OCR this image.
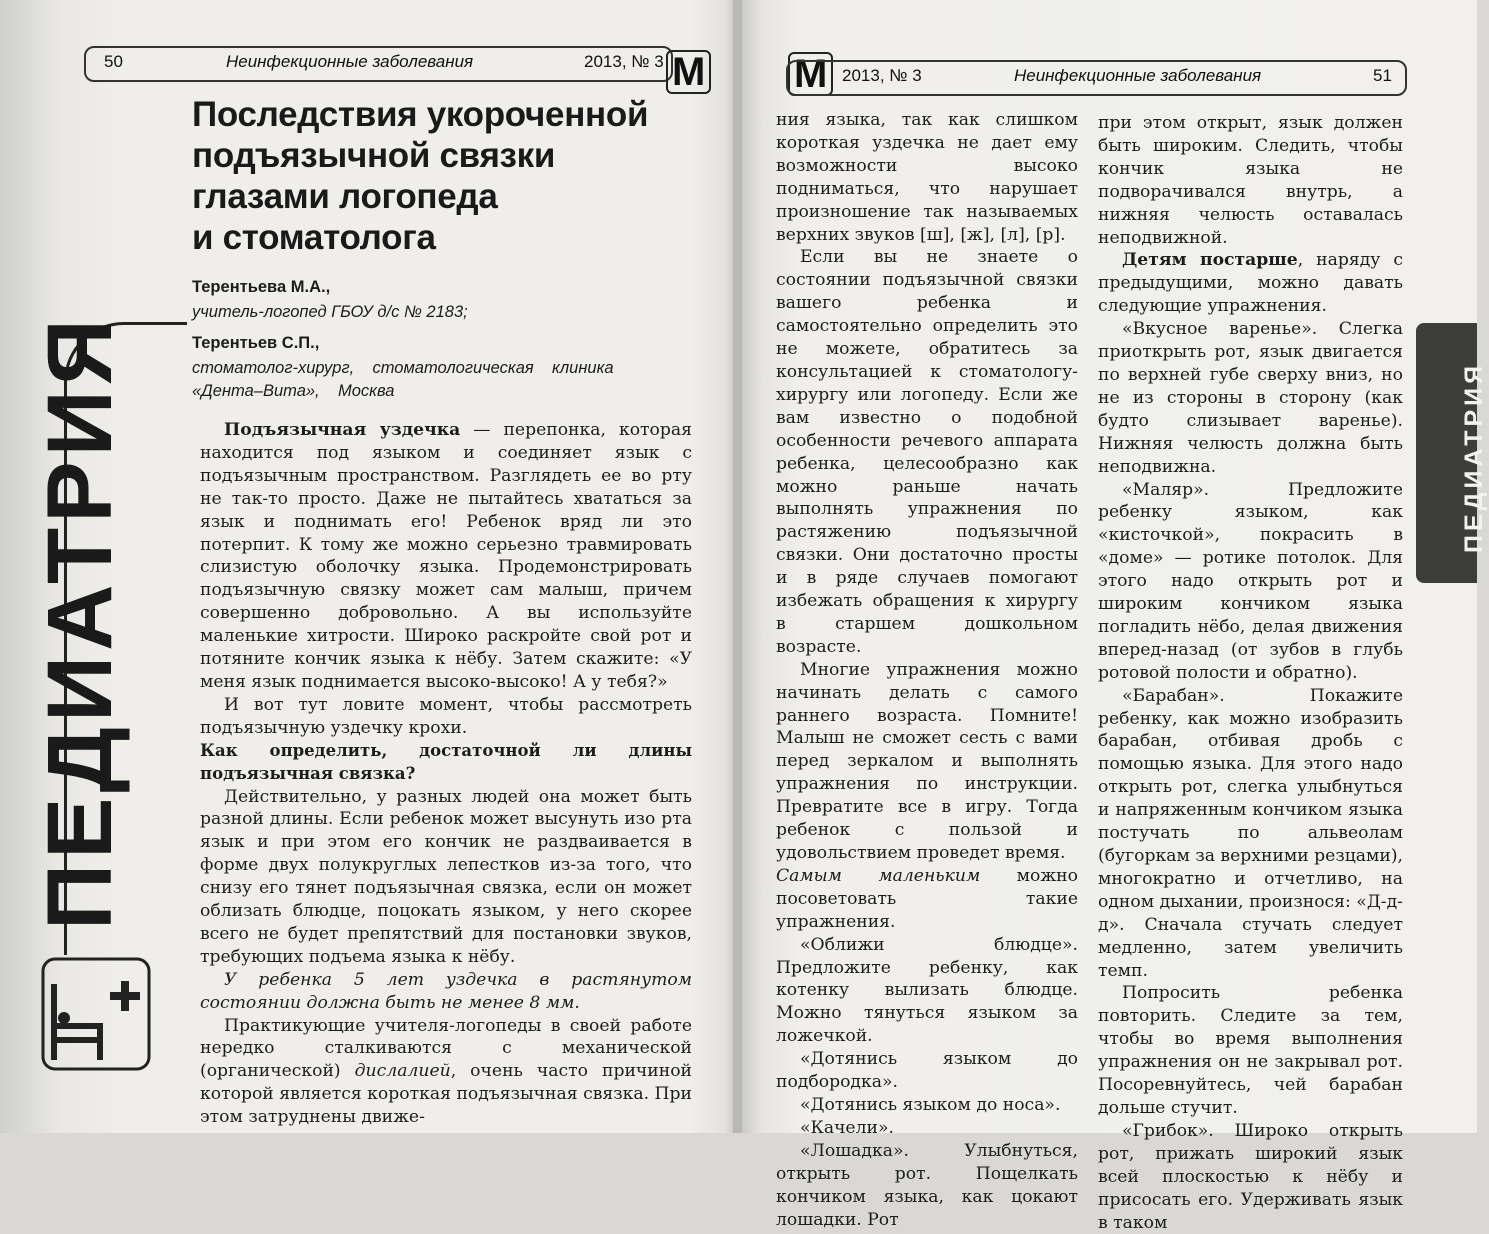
50	Неинфекционные заболевания	2013, № 3 М

Последствия укороченной
подъязычной связки
глазами логопеда
и стоматолога
Терентьева М.А.,
учитель-логопед ГБОУ д/с № 2183;
Терентьев С.П.,
стоматолог-хирург,    стоматологическая    клиника
«Дента–Вита»,    Москва
ПЕДИАТРИЯ	Подъязычная уздечка — перепонка, которая находится под языком и соединяет язык с подъязычным пространством. Разглядеть ее во рту не так-то просто. Даже не пытайтесь хвататься за язык и поднимать его! Ребенок вряд ли это потерпит. К тому же можно серьезно травмировать слизистую оболочку языка. Продемонстрировать подъязычную связку может сам малыш, причем совершенно добровольно. А вы используйте маленькие хитрости. Широко раскройте свой рот и потяните кончик языка к нёбу. Затем скажите: «У меня язык поднимается высоко-высоко! А у тебя?»

И вот тут ловите момент, чтобы рассмотреть подъязычную уздечку крохи.

Как определить, достаточной ли длины подъязычная связка?

Действительно, у разных людей она может быть разной длины. Если ребенок может высунуть изо рта язык и при этом его кончик не раздваивается в форме двух полукруглых лепестков из-за того, что снизу его тянет подъязычная связка, если он может облизать блюдце, поцокать языком, у него скорее всего не будет препятствий для постановки звуков, требующих подъема языка к нёбу.

У ребенка 5 лет уздечка в растянутом состоянии должна быть не менее 8 мм.

Практикующие учителя-логопеды в своей работе нередко сталкиваются с механической (органической) дислалией, очень часто причиной которой является короткая подъязычная связка. При этом затруднены движе-

М 2013, № 3	Неинфекционные заболевания	51

ния языка, так как слишком короткая уздечка не дает ему возможности высоко подниматься, что нарушает произношение так называемых верхних звуков [ш], [ж], [л], [р].

Если вы не знаете о состоянии подъязычной связки вашего ребенка и самостоятельно определить это не можете, обратитесь за консультацией к стоматологу-хирургу или логопеду. Если же вам известно о подобной особенности речевого аппарата ребенка, целесообразно как можно раньше начать выполнять упражнения по растяжению подъязычной связки. Они достаточно просты и в ряде случаев помогают избежать обращения к хирургу в старшем дошкольном возрасте.

Многие упражнения можно начинать делать с самого раннего возраста. Помните! Малыш не сможет сесть с вами перед зеркалом и выполнять упражнения по инструкции. Превратите все в игру. Тогда ребенок с пользой и удовольствием проведет время.

Самым маленьким можно посоветовать такие упражнения.

«Оближи блюдце». Предложите ребенку, как котенку вылизать блюдце. Можно тянуться языком за ложечкой.

«Дотянись языком до подбородка».

«Дотянись языком до носа».

«Качели».

«Лошадка». Улыбнуться, открыть рот. Пощелкать кончиком языка, как цокают лошадки. Рот

при этом открыт, язык должен быть широким. Следить, чтобы кончик языка не подворачивался внутрь, а нижняя челюсть оставалась неподвижной.

Детям постарше, наряду с предыдущими, можно давать следующие упражнения.

«Вкусное варенье». Слегка приоткрыть рот, язык двигается по верхней губе сверху вниз, но не из стороны в сторону (как будто слизывает варенье). Нижняя челюсть должна быть неподвижна.

«Маляр». Предложите ребенку языком, как «кисточкой», покрасить в «доме» — ротике потолок. Для этого надо открыть рот и широким кончиком языка погладить нёбо, делая движения вперед-назад (от зубов в глубь ротовой полости и обратно).

«Барабан». Покажите ребенку, как можно изобразить барабан, отбивая дробь с помощью языка. Для этого надо открыть рот, слегка улыбнуться и напряженным кончиком языка постучать по альвеолам (бугоркам за верхними резцами), многократно и отчетливо, на одном дыхании, произнося: «Д-д-д». Сначала стучать следует медленно, затем увеличить темп.

Попросить ребенка повторить. Следите за тем, чтобы во время выполнения упражнения он не закрывал рот. Посоревнуйтесь, чей барабан дольше стучит.

«Грибок». Широко открыть рот, прижать широкий язык всей плоскостью к нёбу и присосать его. Удерживать язык в таком

ПЕДИАТРИЯ
